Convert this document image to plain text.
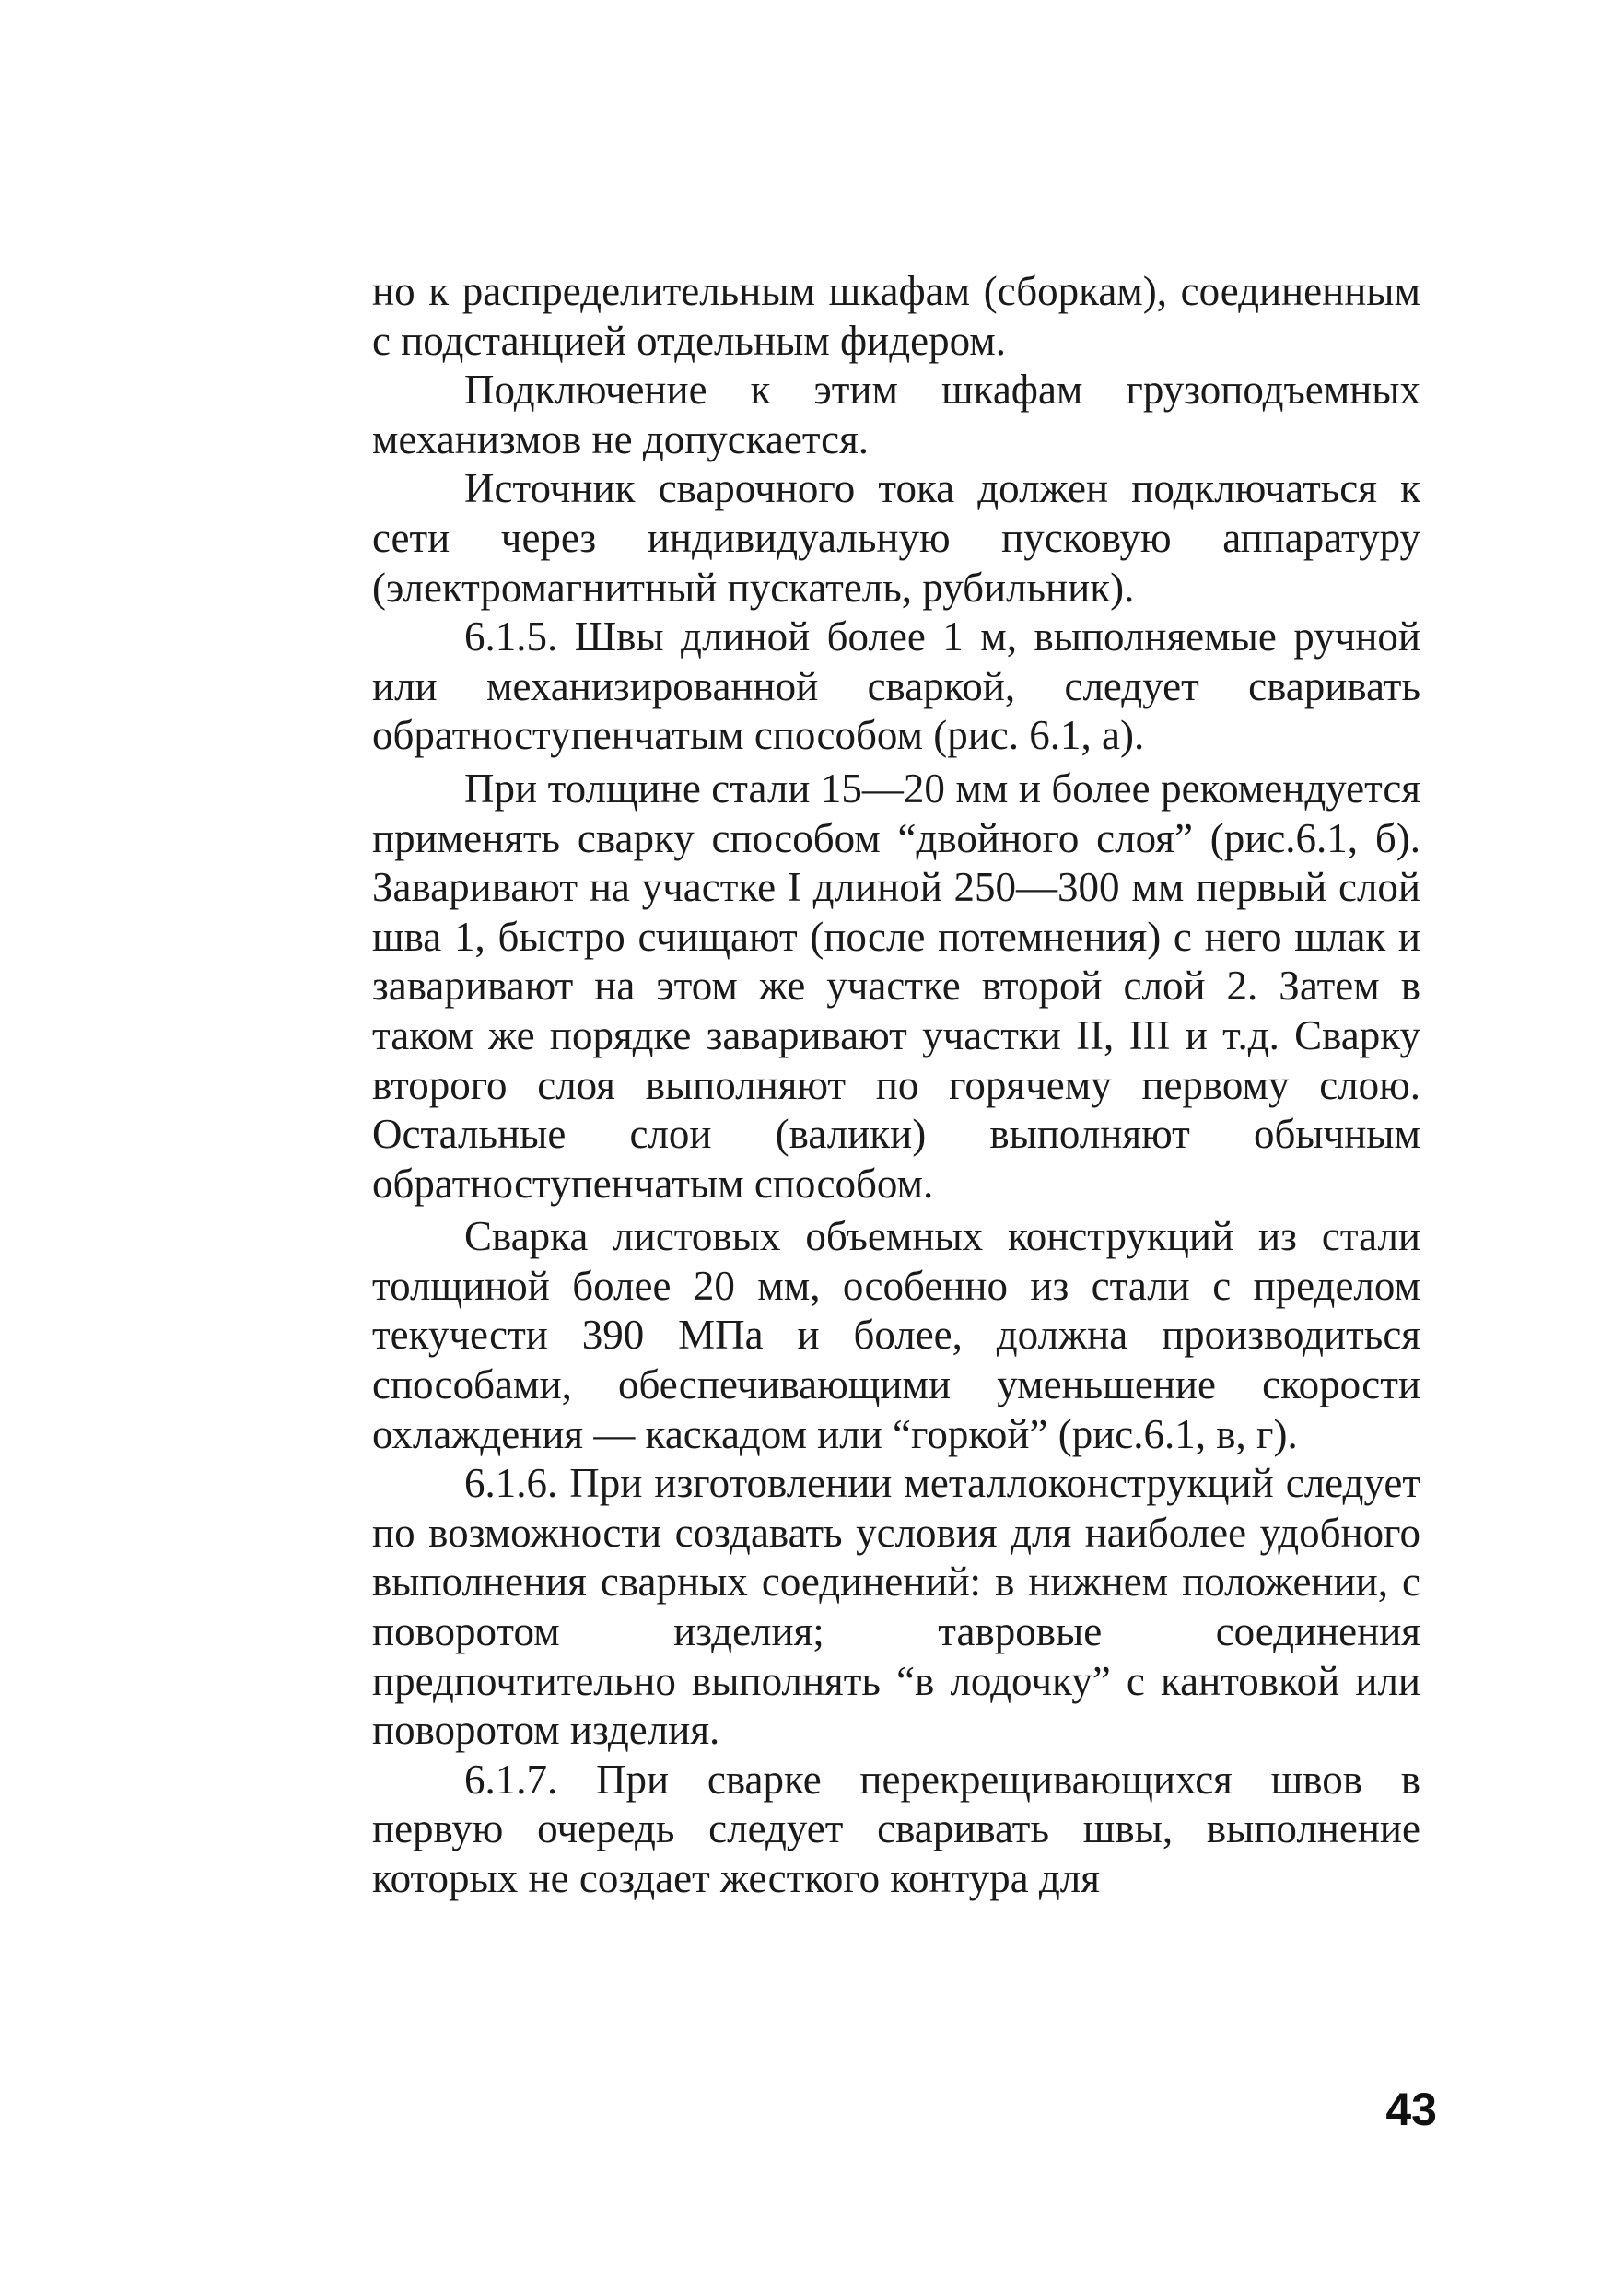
но к распределительным шкафам (сборкам), соединенным с подстанцией отдельным фидером.

Подключение к этим шкафам грузоподъемных механизмов не допускается.

Источник сварочного тока должен подключаться к сети через индивидуальную пусковую аппаратуру (электромагнитный пускатель, рубильник).

6.1.5. Швы длиной более 1 м, выполняемые ручной или механизированной сваркой, следует сваривать обратноступенчатым способом (рис. 6.1, а).

При толщине стали 15—20 мм и более рекомендуется применять сварку способом “двойного слоя” (рис.6.1, б). Заваривают на участке I длиной 250—300 мм первый слой шва 1, быстро счищают (после потемнения) с него шлак и заваривают на этом же участке второй слой 2. Затем в таком же порядке заваривают участки II, III и т.д. Сварку второго слоя выполняют по горячему первому слою. Остальные слои (валики) выполняют обычным обратноступенчатым способом.

Сварка листовых объемных конструкций из стали толщиной более 20 мм, особенно из стали с пределом текучести 390 МПа и более, должна производиться способами, обеспечивающими уменьшение скорости охлаждения — каскадом или “горкой” (рис.6.1, в, г).

6.1.6. При изготовлении металлоконструкций следует по возможности создавать условия для наиболее удобного выполнения сварных соединений: в нижнем положении, с поворотом изделия; тавровые соединения предпочтительно выполнять “в лодочку” с кантовкой или поворотом изделия.

6.1.7. При сварке перекрещивающихся швов в первую очередь следует сваривать швы, выполнение которых не создает жесткого контура для

43
